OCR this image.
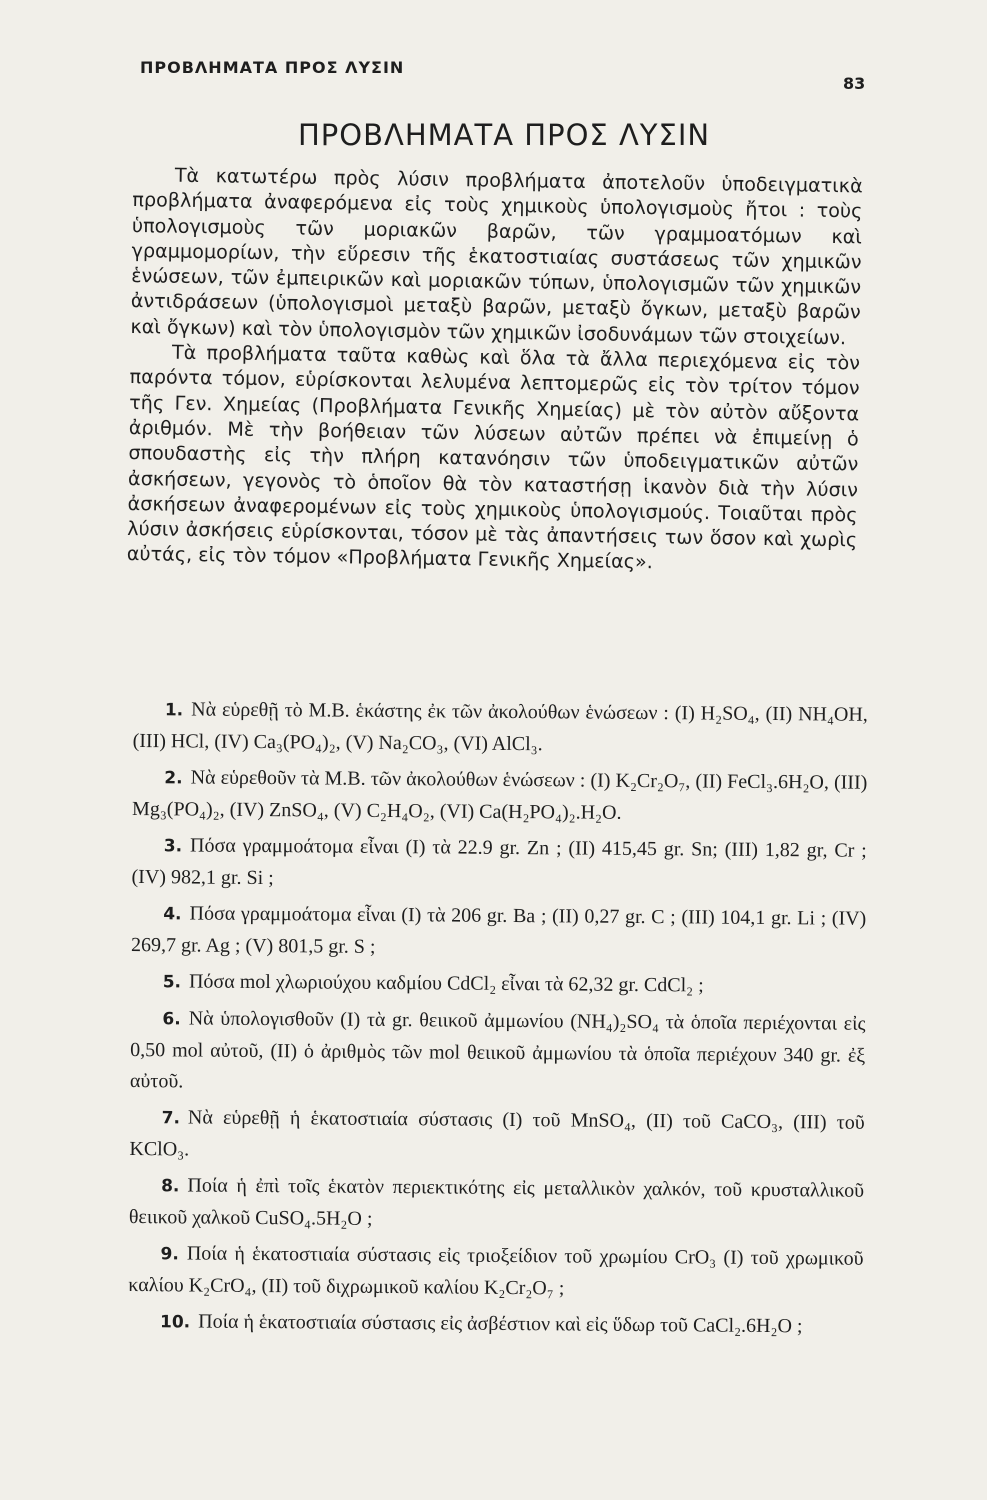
ΠΡΟΒΛΗΜΑΤΑ ΠΡΟΣ ΛΥΣΙΝ
83
ΠΡΟΒΛΗΜΑΤΑ ΠΡΟΣ ΛΥΣΙΝ

Τὰ κατωτέρω πρὸς λύσιν προβλήματα ἀποτελοῦν ὑποδειγματικὰ προβλήματα ἀναφερόμενα εἰς τοὺς χημικοὺς ὑπολογισμοὺς ἤτοι : τοὺς ὑπολογισμοὺς τῶν μοριακῶν βαρῶν, τῶν γραμμοατόμων καὶ γραμμομορίων, τὴν εὕρεσιν τῆς ἑκατοστιαίας συστάσεως τῶν χημικῶν ἑνώσεων, τῶν ἐμπειρικῶν καὶ μοριακῶν τύπων, ὑπολογισμῶν τῶν χημικῶν ἀντιδράσεων (ὑπολογισμοὶ μεταξὺ βαρῶν, μεταξὺ ὄγκων, μεταξὺ βαρῶν καὶ ὄγκων) καὶ τὸν ὑπολογισμὸν τῶν χημικῶν ἰσοδυνάμων τῶν στοιχείων.

Τὰ προβλήματα ταῦτα καθὼς καὶ ὅλα τὰ ἄλλα περιεχόμενα εἰς τὸν παρόντα τόμον, εὑρίσκονται λελυμένα λεπτομερῶς εἰς τὸν τρίτον τόμον τῆς Γεν. Χημείας (Προβλήματα Γενικῆς Χημείας) μὲ τὸν αὐτὸν αὔξοντα ἀριθμόν. Μὲ τὴν βοήθειαν τῶν λύσεων αὐτῶν πρέπει νὰ ἐπιμείνῃ ὁ σπουδαστὴς εἰς τὴν πλήρη κατανόησιν τῶν ὑποδειγματικῶν αὐτῶν ἀσκήσεων, γεγονὸς τὸ ὁποῖον θὰ τὸν καταστήσῃ ἱκανὸν διὰ τὴν λύσιν ἀσκήσεων ἀναφερομένων εἰς τοὺς χημικοὺς ὑπολογισμούς. Τοιαῦται πρὸς λύσιν ἀσκήσεις εὑρίσκονται, τόσον μὲ τὰς ἀπαντήσεις των ὅσον καὶ χωρὶς αὐτάς, εἰς τὸν τόμον «Προβλήματα Γενικῆς Χημείας».

1. Νὰ εὑρεθῇ τὸ Μ.Β. ἑκάστης ἐκ τῶν ἀκολούθων ἑνώσεων : (Ι) H₂SO₄, (ΙΙ) NH₄OH, (ΙΙΙ) HCl, (IV) Ca₃(PO₄)₂, (V) Na₂CO₃, (VI) AlCl₃.

2. Νὰ εὑρεθοῦν τὰ Μ.Β. τῶν ἀκολούθων ἑνώσεων : (Ι) K₂Cr₂O₇, (ΙΙ) FeCl₃.6H₂O, (ΙΙΙ) Mg₃(PO₄)₂, (IV) ZnSO₄, (V) C₂H₄O₂, (VI) Ca(H₂PO₄)₂.H₂O.

3. Πόσα γραμμοάτομα εἶναι (Ι) τὰ 22.9 gr. Zn ; (ΙΙ) 415,45 gr. Sn; (ΙΙΙ) 1,82 gr, Cr ; (IV) 982,1 gr. Si ;

4. Πόσα γραμμοάτομα εἶναι (Ι) τὰ 206 gr. Ba ; (ΙΙ) 0,27 gr. C ; (ΙΙΙ) 104,1 gr. Li ; (IV) 269,7 gr. Ag ; (V) 801,5 gr. S ;

5. Πόσα mol χλωριούχου καδμίου CdCl₂ εἶναι τὰ 62,32 gr. CdCl₂ ;

6. Νὰ ὑπολογισθοῦν (Ι) τὰ gr. θειικοῦ ἀμμωνίου (NH₄)₂SO₄ τὰ ὁποῖα περιέχονται εἰς 0,50 mol αὐτοῦ, (ΙΙ) ὁ ἀριθμὸς τῶν mol θειικοῦ ἀμμωνίου τὰ ὁποῖα περιέχουν 340 gr. ἐξ αὐτοῦ.

7. Νὰ εὑρεθῇ ἡ ἑκατοστιαία σύστασις (Ι) τοῦ MnSO₄, (ΙΙ) τοῦ CaCO₃, (ΙΙΙ) τοῦ KClO₃.

8. Ποία ἡ ἐπὶ τοῖς ἑκατὸν περιεκτικότης εἰς μεταλλικὸν χαλκόν, τοῦ κρυσταλλικοῦ θειικοῦ χαλκοῦ CuSO₄.5H₂O ;

9. Ποία ἡ ἑκατοστιαία σύστασις εἰς τριοξείδιον τοῦ χρωμίου CrO₃ (Ι) τοῦ χρωμικοῦ καλίου K₂CrO₄, (ΙΙ) τοῦ διχρωμικοῦ καλίου K₂Cr₂O₇ ;

10. Ποία ἡ ἑκατοστιαία σύστασις εἰς ἀσβέστιον καὶ εἰς ὕδωρ τοῦ CaCl₂.6H₂O ;
